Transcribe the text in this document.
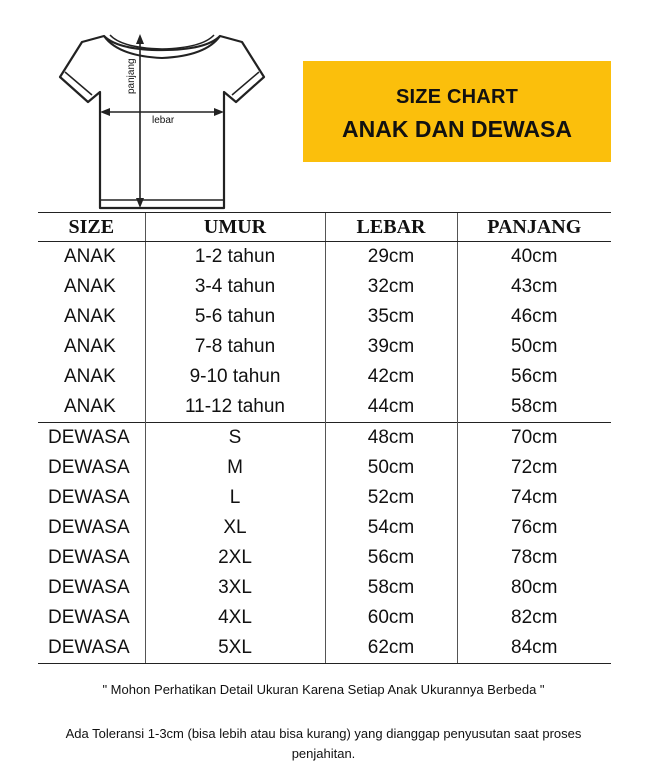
panjang
lebar
SIZE CHART
ANAK DAN DEWASA
SIZE	UMUR	LEBAR	PANJANG
ANAK	1-2 tahun	29cm	40cm
ANAK	3-4 tahun	32cm	43cm
ANAK	5-6 tahun	35cm	46cm
ANAK	7-8 tahun	39cm	50cm
ANAK	9-10 tahun	42cm	56cm
ANAK	11-12 tahun	44cm	58cm
DEWASA	S	48cm	70cm
DEWASA	M	50cm	72cm
DEWASA	L	52cm	74cm
DEWASA	XL	54cm	76cm
DEWASA	2XL	56cm	78cm
DEWASA	3XL	58cm	80cm
DEWASA	4XL	60cm	82cm
DEWASA	5XL	62cm	84cm
" Mohon Perhatikan Detail Ukuran Karena Setiap Anak Ukurannya Berbeda "
Ada Toleransi 1-3cm (bisa lebih atau bisa kurang) yang dianggap penyusutan saat proses penjahitan.
